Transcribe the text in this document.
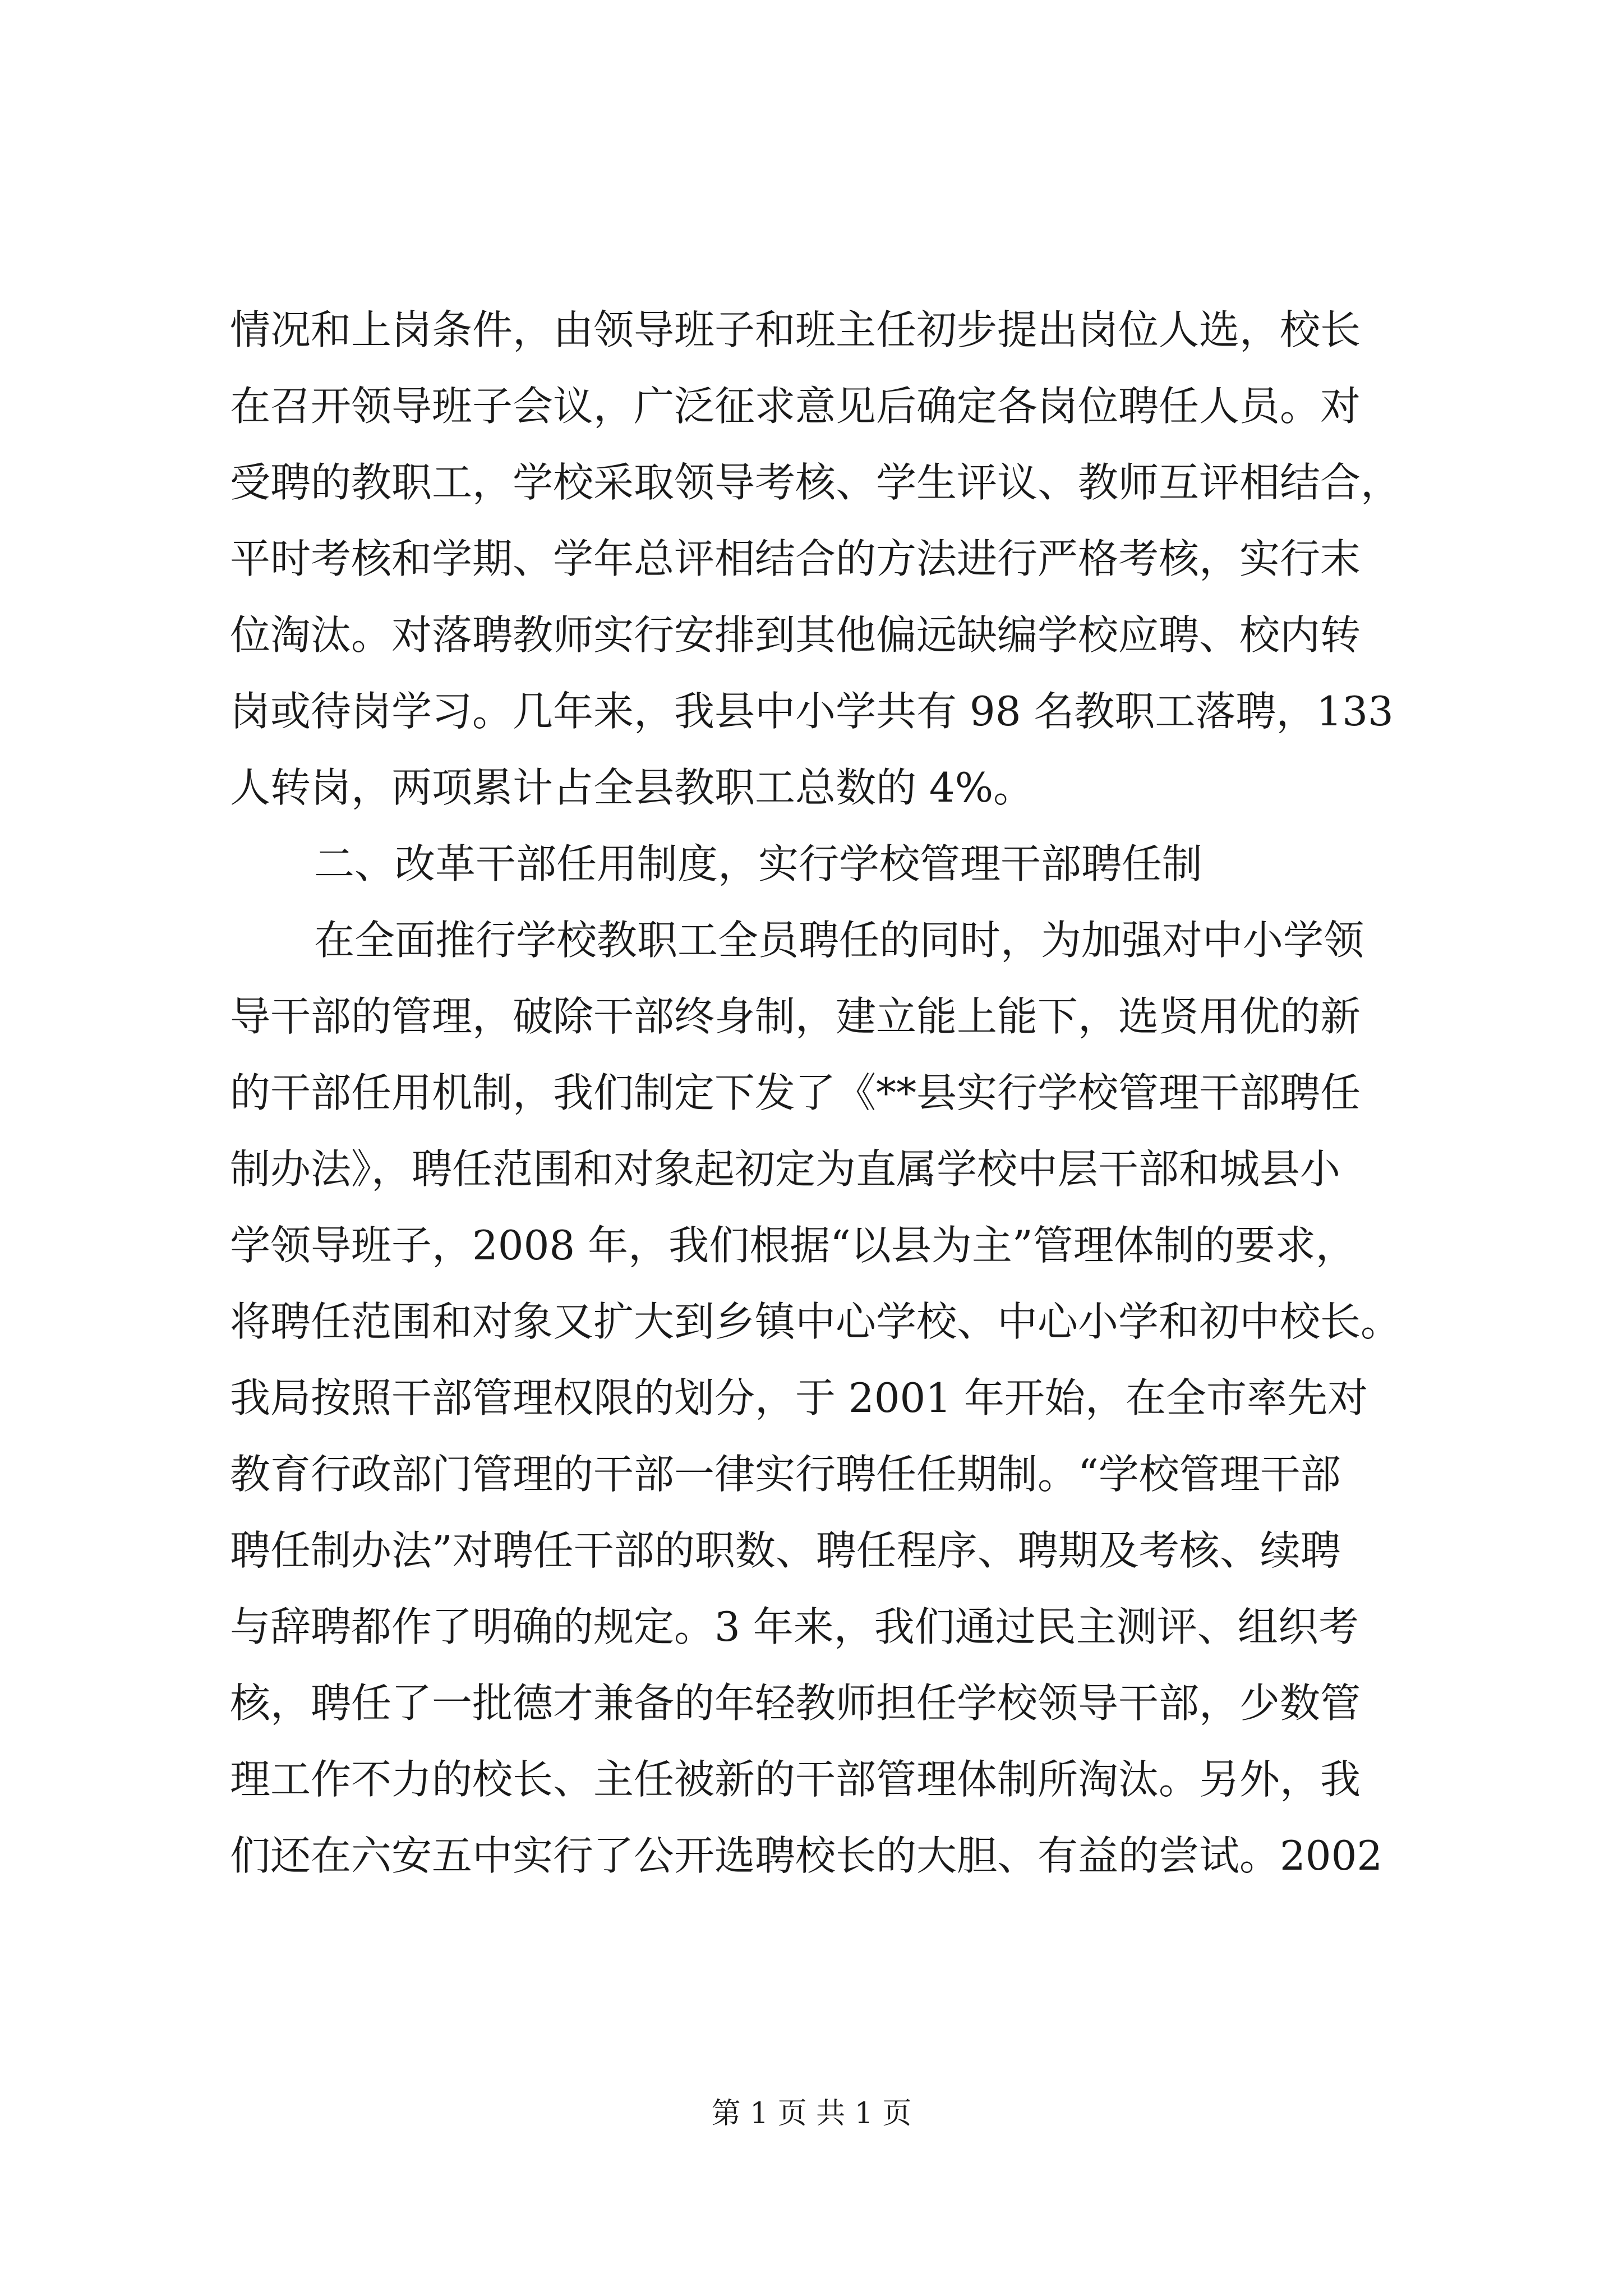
情况和上岗条件，由领导班子和班主任初步提出岗位人选，校长
在召开领导班子会议，广泛征求意见后确定各岗位聘任人员。对
受聘的教职工，学校采取领导考核、学生评议、教师互评相结合，
平时考核和学期、学年总评相结合的方法进行严格考核，实行末
位淘汰。对落聘教师实行安排到其他偏远缺编学校应聘、校内转
岗或待岗学习。几年来，我县中小学共有 98 名教职工落聘，133
人转岗，两项累计占全县教职工总数的 4%。
二、改革干部任用制度，实行学校管理干部聘任制
在全面推行学校教职工全员聘任的同时，为加强对中小学领
导干部的管理，破除干部终身制，建立能上能下，选贤用优的新
的干部任用机制，我们制定下发了《**县实行学校管理干部聘任
制办法》，聘任范围和对象起初定为直属学校中层干部和城县小
学领导班子，2008 年，我们根据“以县为主”管理体制的要求，
将聘任范围和对象又扩大到乡镇中心学校、中心小学和初中校长。
我局按照干部管理权限的划分，于 2001 年开始，在全市率先对
教育行政部门管理的干部一律实行聘任任期制。“学校管理干部
聘任制办法”对聘任干部的职数、聘任程序、聘期及考核、续聘
与辞聘都作了明确的规定。3 年来，我们通过民主测评、组织考
核，聘任了一批德才兼备的年轻教师担任学校领导干部，少数管
理工作不力的校长、主任被新的干部管理体制所淘汰。另外，我
们还在六安五中实行了公开选聘校长的大胆、有益的尝试。2002
第 1 页 共 1 页
